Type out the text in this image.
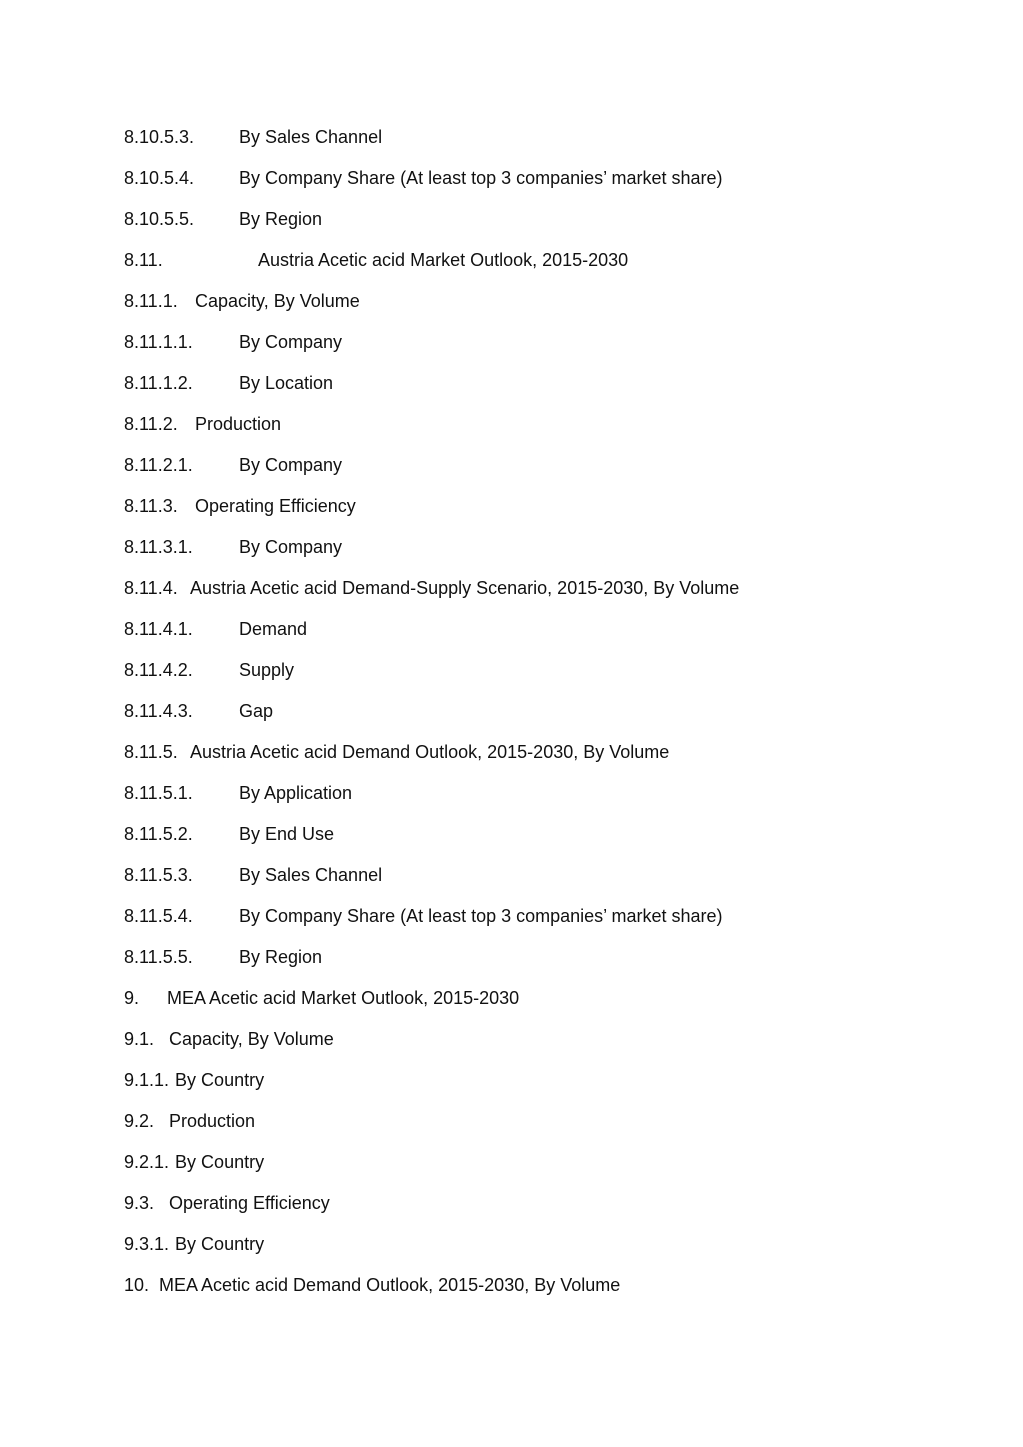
8.10.5.3. By Sales Channel
8.10.5.4. By Company Share (At least top 3 companies’ market share)
8.10.5.5. By Region
8.11.	Austria Acetic acid Market Outlook, 2015-2030
8.11.1. Capacity, By Volume
8.11.1.1.	By Company
8.11.1.2.	By Location
8.11.2. Production
8.11.2.1.	By Company
8.11.3. Operating Efficiency
8.11.3.1.	By Company
8.11.4. Austria Acetic acid Demand-Supply Scenario, 2015-2030, By Volume
8.11.4.1.	Demand
8.11.4.2.	Supply
8.11.4.3.	Gap
8.11.5. Austria Acetic acid Demand Outlook, 2015-2030, By Volume
8.11.5.1.	By Application
8.11.5.2.	By End Use
8.11.5.3.	By Sales Channel
8.11.5.4.	By Company Share (At least top 3 companies’ market share)
8.11.5.5.	By Region
9. MEA Acetic acid Market Outlook, 2015-2030
9.1. Capacity, By Volume
9.1.1. By Country
9.2. Production
9.2.1. By Country
9.3. Operating Efficiency
9.3.1. By Country
10. MEA Acetic acid Demand Outlook, 2015-2030, By Volume
